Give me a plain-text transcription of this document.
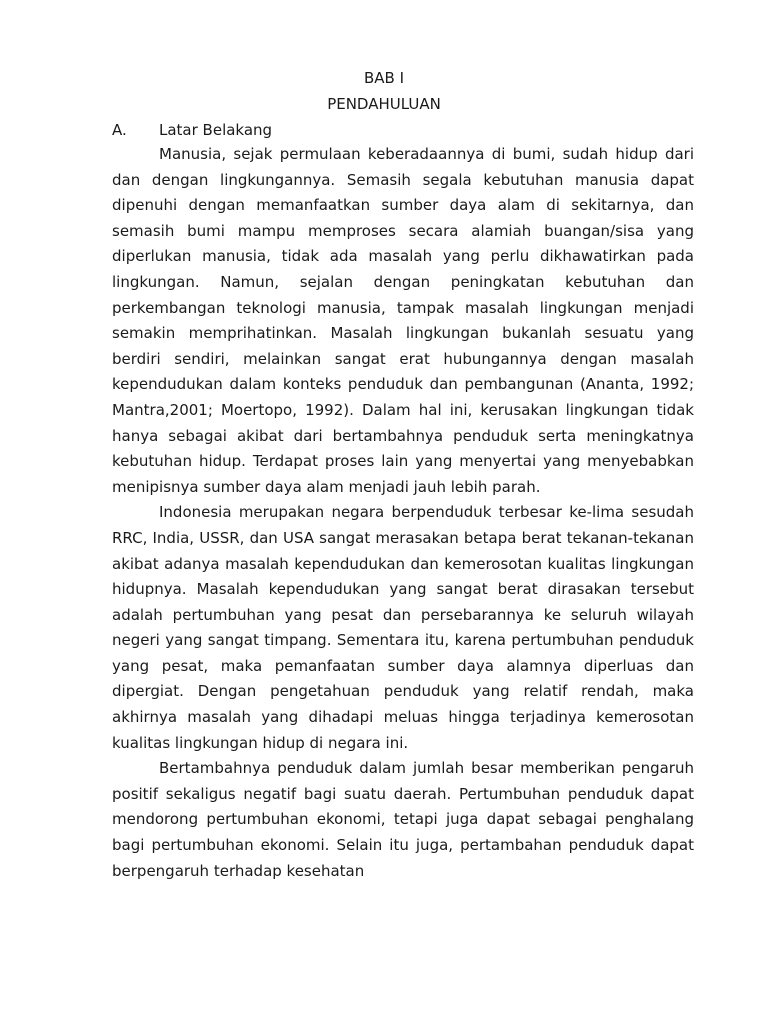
BAB I
PENDAHULUAN
A. Latar Belakang

Manusia, sejak permulaan keberadaannya di bumi, sudah hidup dari dan dengan lingkungannya. Semasih segala kebutuhan manusia dapat dipenuhi dengan memanfaatkan sumber daya alam di sekitarnya, dan semasih bumi mampu memproses secara alamiah buangan/sisa yang diperlukan manusia, tidak ada masalah yang perlu dikhawatirkan pada lingkungan. Namun, sejalan dengan peningkatan kebutuhan dan perkembangan teknologi manusia, tampak masalah lingkungan menjadi semakin memprihatinkan. Masalah lingkungan bukanlah sesuatu yang berdiri sendiri, melainkan sangat erat hubungannya dengan masalah kependudukan dalam konteks penduduk dan pembangunan (Ananta, 1992; Mantra,2001; Moertopo, 1992). Dalam hal ini, kerusakan lingkungan tidak hanya sebagai akibat dari bertambahnya penduduk serta meningkatnya kebutuhan hidup. Terdapat proses lain yang menyertai yang menyebabkan menipisnya sumber daya alam menjadi jauh lebih parah.

Indonesia merupakan negara berpenduduk terbesar ke-lima sesudah RRC, India, USSR, dan USA sangat merasakan betapa berat tekanan-tekanan akibat adanya masalah kependudukan dan kemerosotan kualitas lingkungan hidupnya. Masalah kependudukan yang sangat berat dirasakan tersebut adalah pertumbuhan yang pesat dan persebarannya ke seluruh wilayah negeri yang sangat timpang. Sementara itu, karena pertumbuhan penduduk yang pesat, maka pemanfaatan sumber daya alamnya diperluas dan dipergiat. Dengan pengetahuan penduduk yang relatif rendah, maka akhirnya masalah yang dihadapi meluas hingga terjadinya kemerosotan kualitas lingkungan hidup di negara ini.

Bertambahnya penduduk dalam jumlah besar memberikan pengaruh positif sekaligus negatif bagi suatu daerah. Pertumbuhan penduduk dapat mendorong pertumbuhan ekonomi, tetapi juga dapat sebagai penghalang bagi pertumbuhan ekonomi. Selain itu juga, pertambahan penduduk dapat berpengaruh terhadap kesehatan
